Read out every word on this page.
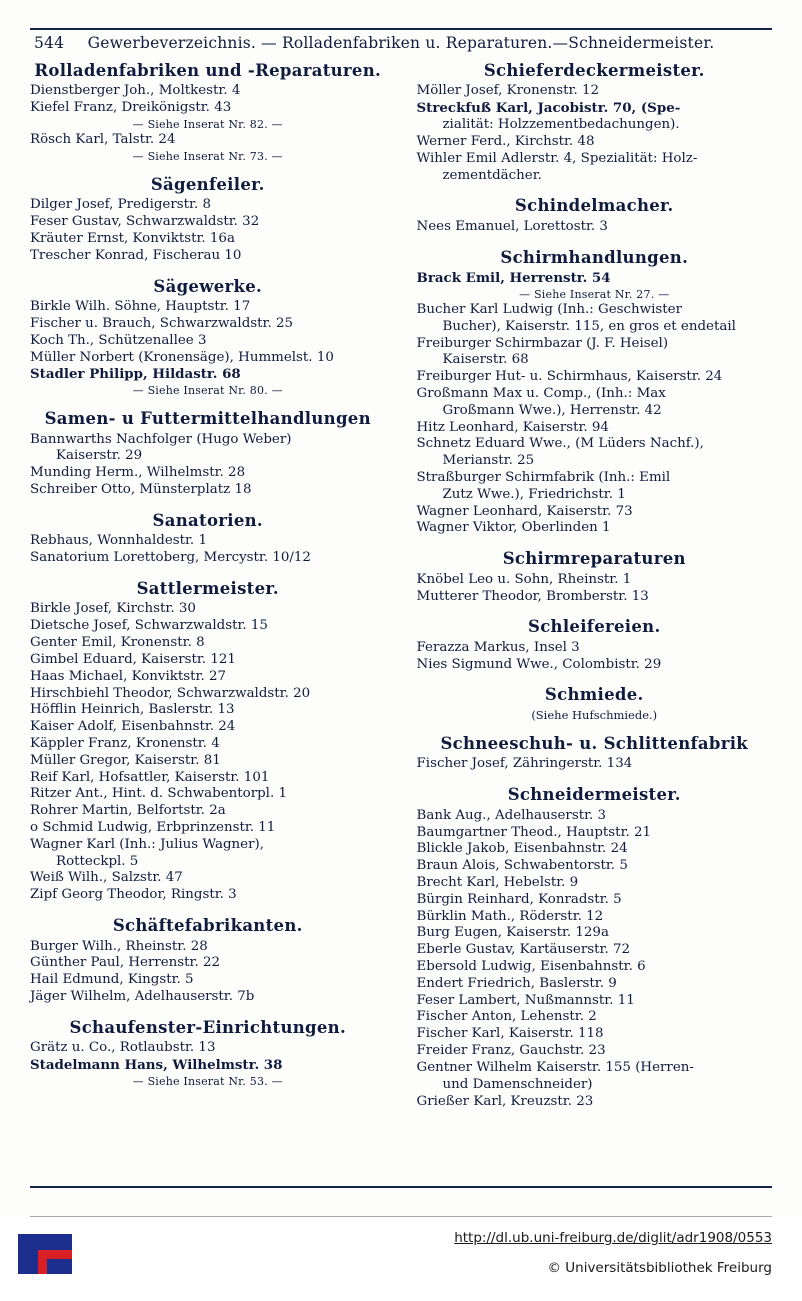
544 Gewerbeverzeichnis. — Rolladenfabriken u. Reparaturen.—Schneidermeister.
Rolladenfabriken und -Reparaturen.
Dienstberger Joh., Moltkestr. 4
Kiefel Franz, Dreikönigstr. 43
— Siehe Inserat Nr. 82. —
Rösch Karl, Talstr. 24
— Siehe Inserat Nr. 73. —
Sägenfeiler.
Dilger Josef, Predigerstr. 8
Feser Gustav, Schwarzwaldstr. 32
Kräuter Ernst, Konviktstr. 16a
Trescher Konrad, Fischerau 10
Sägewerke.
Birkle Wilh. Söhne, Hauptstr. 17
Fischer u. Brauch, Schwarzwaldstr. 25
Koch Th., Schützenallee 3
Müller Norbert (Kronensäge), Hummelst. 10
Stadler Philipp, Hildastr. 68
— Siehe Inserat Nr. 80. —
Samen- u Futtermittelhandlungen
Bannwarths Nachfolger (Hugo Weber)
Kaiserstr. 29
Munding Herm., Wilhelmstr. 28
Schreiber Otto, Münsterplatz 18
Sanatorien.
Rebhaus, Wonnhaldestr. 1
Sanatorium Lorettoberg, Mercystr. 10/12
Sattlermeister.
Birkle Josef, Kirchstr. 30
Dietsche Josef, Schwarzwaldstr. 15
Genter Emil, Kronenstr. 8
Gimbel Eduard, Kaiserstr. 121
Haas Michael, Konviktstr. 27
Hirschbiehl Theodor, Schwarzwaldstr. 20
Höfflin Heinrich, Baslerstr. 13
Kaiser Adolf, Eisenbahnstr. 24
Käppler Franz, Kronenstr. 4
Müller Gregor, Kaiserstr. 81
Reif Karl, Hofsattler, Kaiserstr. 101
Ritzer Ant., Hint. d. Schwabentorpl. 1
Rohrer Martin, Belfortstr. 2a
o Schmid Ludwig, Erbprinzenstr. 11
Wagner Karl (Inh.: Julius Wagner),
Rotteckpl. 5
Weiß Wilh., Salzstr. 47
Zipf Georg Theodor, Ringstr. 3
Schäftefabrikanten.
Burger Wilh., Rheinstr. 28
Günther Paul, Herrenstr. 22
Hail Edmund, Kingstr. 5
Jäger Wilhelm, Adelhauserstr. 7b
Schaufenster-Einrichtungen.
Grätz u. Co., Rotlaubstr. 13
Stadelmann Hans, Wilhelmstr. 38
— Siehe Inserat Nr. 53. —
Schieferdeckermeister.
Möller Josef, Kronenstr. 12
Streckfuß Karl, Jacobistr. 70, (Spe-
zialität: Holzzementbedachungen).
Werner Ferd., Kirchstr. 48
Wihler Emil Adlerstr. 4, Spezialität: Holz-
zementdächer.
Schindelmacher.
Nees Emanuel, Lorettostr. 3
Schirmhandlungen.
Brack Emil, Herrenstr. 54
— Siehe Inserat Nr. 27. —
Bucher Karl Ludwig (Inh.: Geschwister
Bucher), Kaiserstr. 115, en gros et endetail
Freiburger Schirmbazar (J. F. Heisel)
Kaiserstr. 68
Freiburger Hut- u. Schirmhaus, Kaiserstr. 24
Großmann Max u. Comp., (Inh.: Max
Großmann Wwe.), Herrenstr. 42
Hitz Leonhard, Kaiserstr. 94
Schnetz Eduard Wwe., (M Lüders Nachf.),
Merianstr. 25
Straßburger Schirmfabrik (Inh.: Emil
Zutz Wwe.), Friedrichstr. 1
Wagner Leonhard, Kaiserstr. 73
Wagner Viktor, Oberlinden 1
Schirmreparaturen
Knöbel Leo u. Sohn, Rheinstr. 1
Mutterer Theodor, Bromberstr. 13
Schleifereien.
Ferazza Markus, Insel 3
Nies Sigmund Wwe., Colombistr. 29
Schmiede.
(Siehe Hufschmiede.)
Schneeschuh- u. Schlittenfabrik
Fischer Josef, Zähringerstr. 134
Schneidermeister.
Bank Aug., Adelhauserstr. 3
Baumgartner Theod., Hauptstr. 21
Blickle Jakob, Eisenbahnstr. 24
Braun Alois, Schwabentorstr. 5
Brecht Karl, Hebelstr. 9
Bürgin Reinhard, Konradstr. 5
Bürklin Math., Röderstr. 12
Burg Eugen, Kaiserstr. 129a
Eberle Gustav, Kartäuserstr. 72
Ebersold Ludwig, Eisenbahnstr. 6
Endert Friedrich, Baslerstr. 9
Feser Lambert, Nußmannstr. 11
Fischer Anton, Lehenstr. 2
Fischer Karl, Kaiserstr. 118
Freider Franz, Gauchstr. 23
Gentner Wilhelm Kaiserstr. 155 (Herren-
und Damenschneider)
Grießer Karl, Kreuzstr. 23
http://dl.ub.uni-freiburg.de/diglit/adr1908/0553
© Universitätsbibliothek Freiburg
